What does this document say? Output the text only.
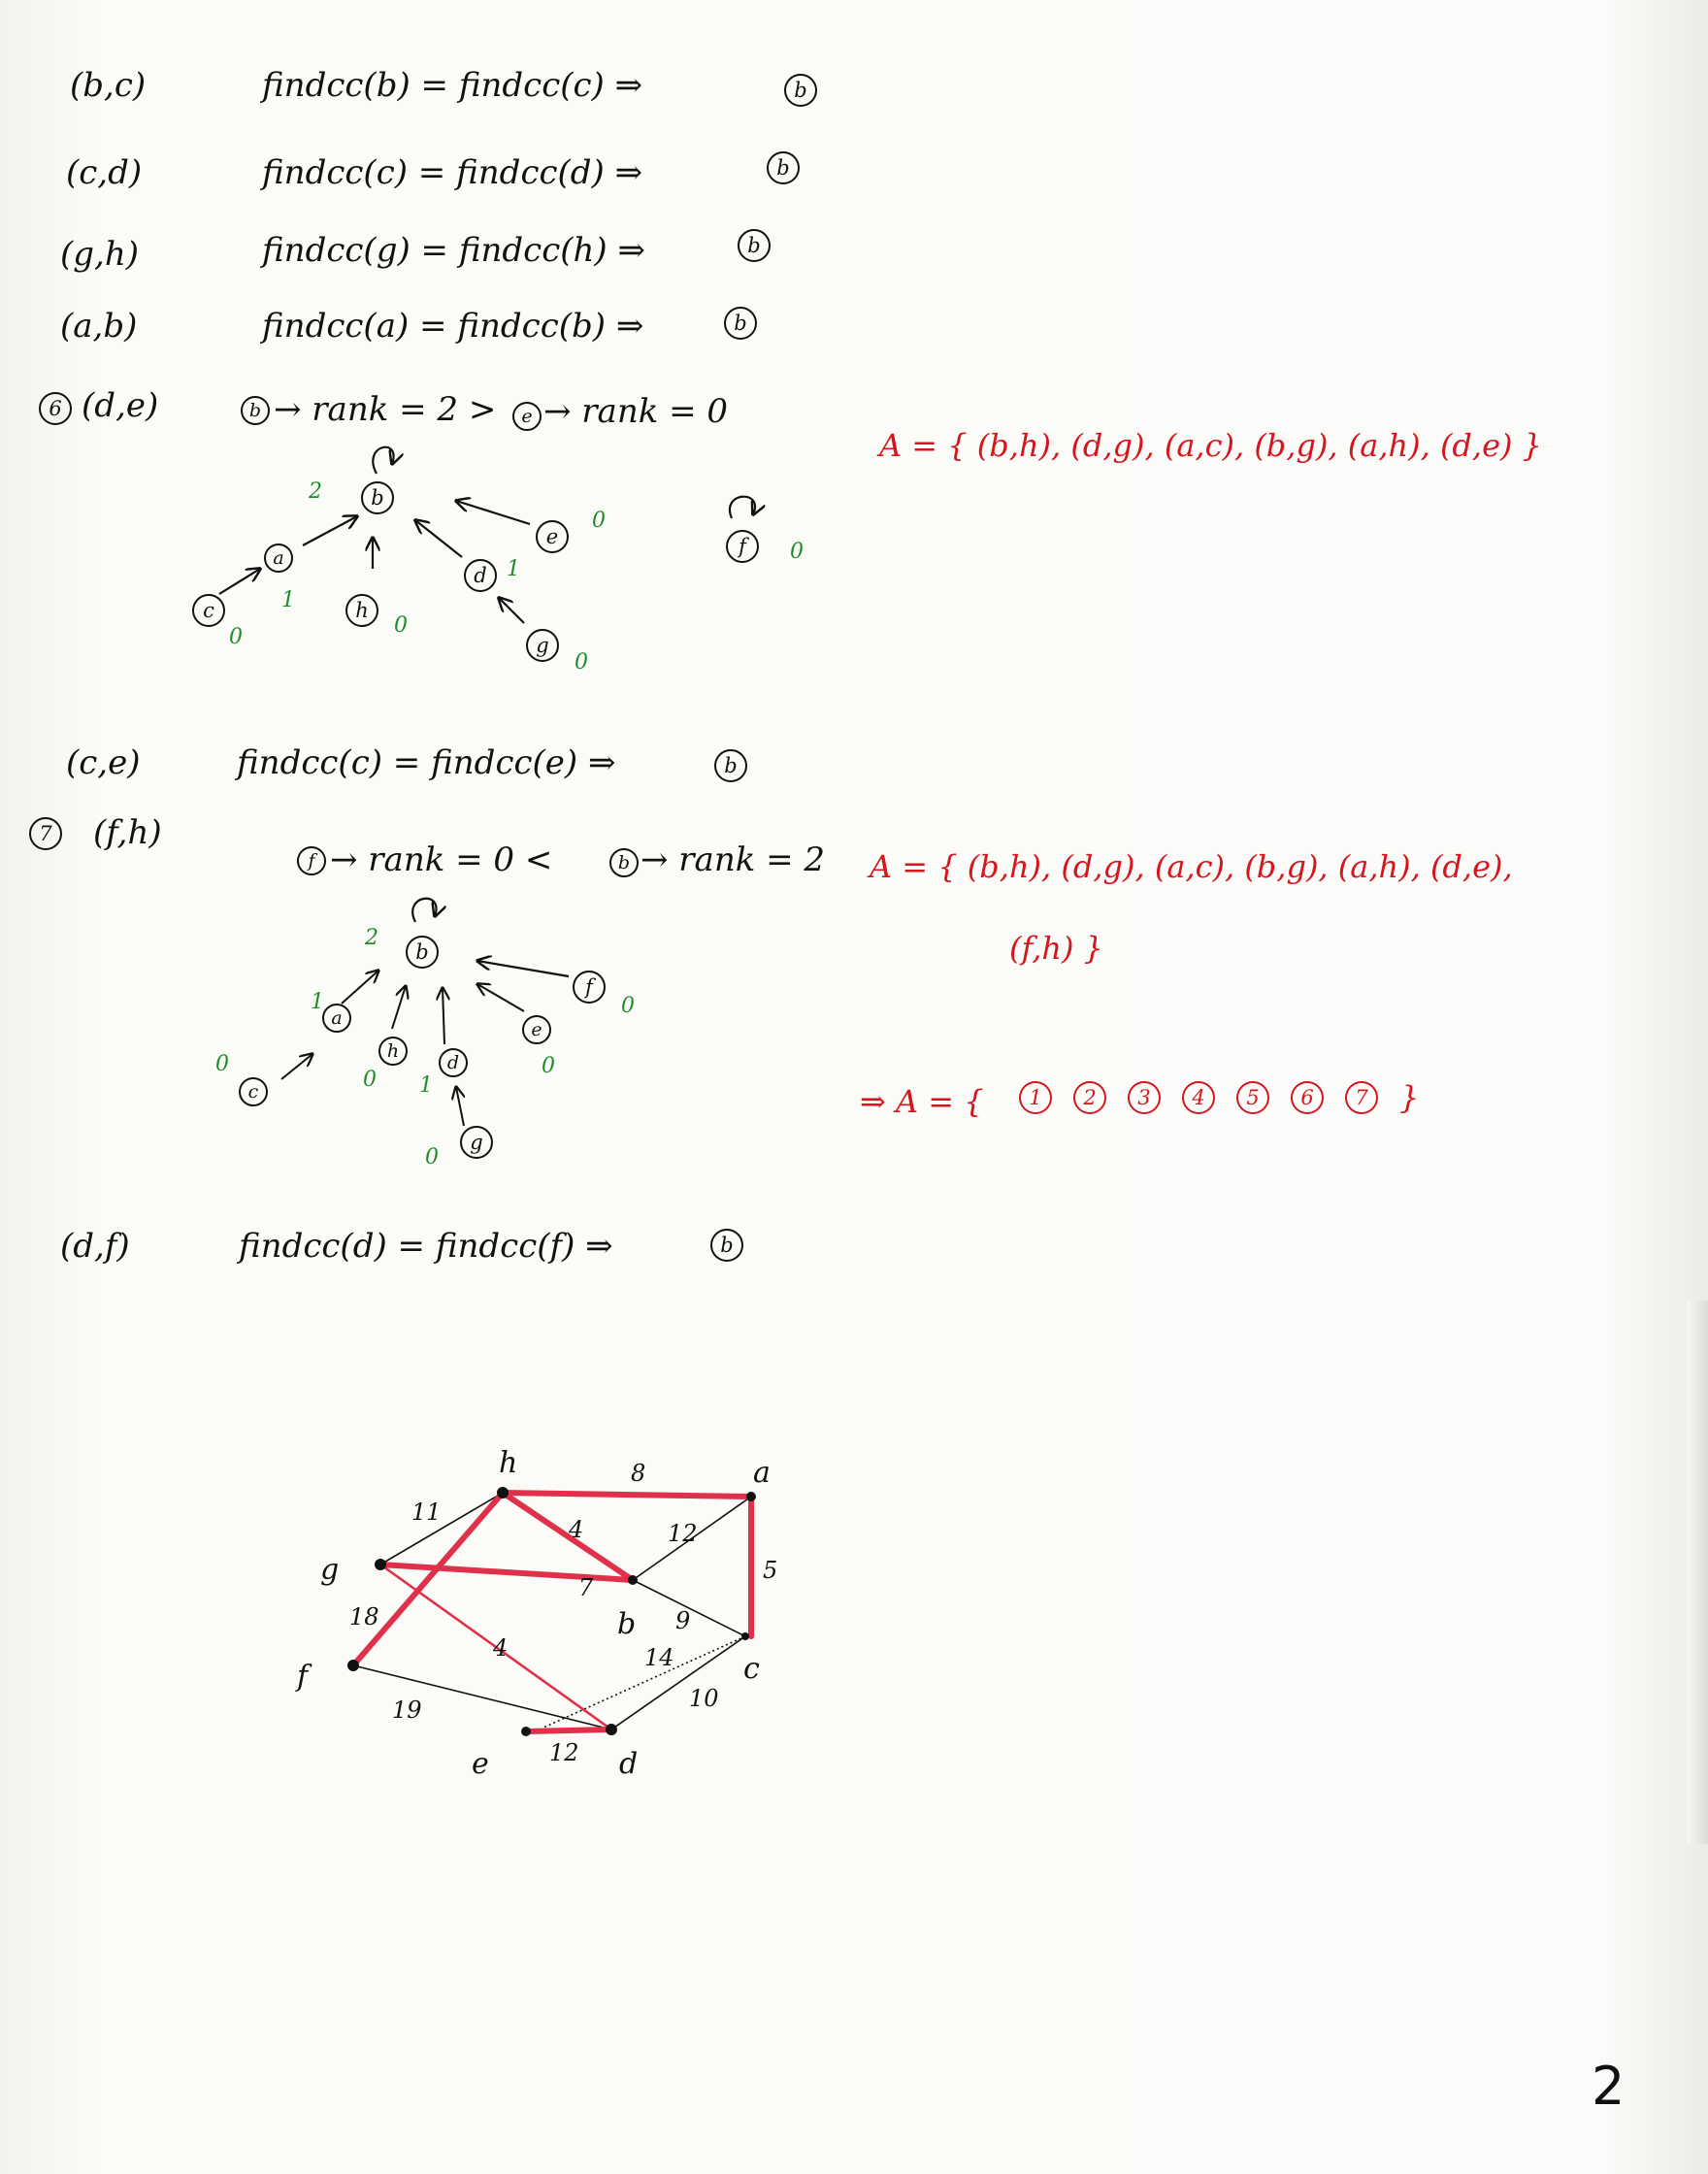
(b,c)	findcc(b) = findcc(c) ⇒	b
(c,d)	findcc(c) = findcc(d) ⇒	b
(g,h)	findcc(g) = findcc(h) ⇒	b
(a,b)	findcc(a) = findcc(b) ⇒	b
6 (d,e)	b → rank = 2 >	e → rank = 0
A = { (b,h), (d,g), (a,c), (b,g), (a,h), (d,e) }
b
a
c	h
e
d
g
f
2
1
0	0
0
1
0
0
(c,e)	findcc(c) = findcc(e) ⇒	b
7	(f,h)
f → rank = 0 <	b → rank = 2 A = { (b,h), (d,g), (a,c), (b,g), (a,h), (d,e),
(f,h) }
⇒ A = {	1	2	3	4	5	6	7	}
b
a
c
h
d
g
e
f
2
1
0
0 1
0
0
0
(d,f)	findcc(d) = findcc(f) ⇒	b
h	a
g
b
c
f
e	d
11
8
4	12
5
7
9
18
4	14
10
19
12
2
